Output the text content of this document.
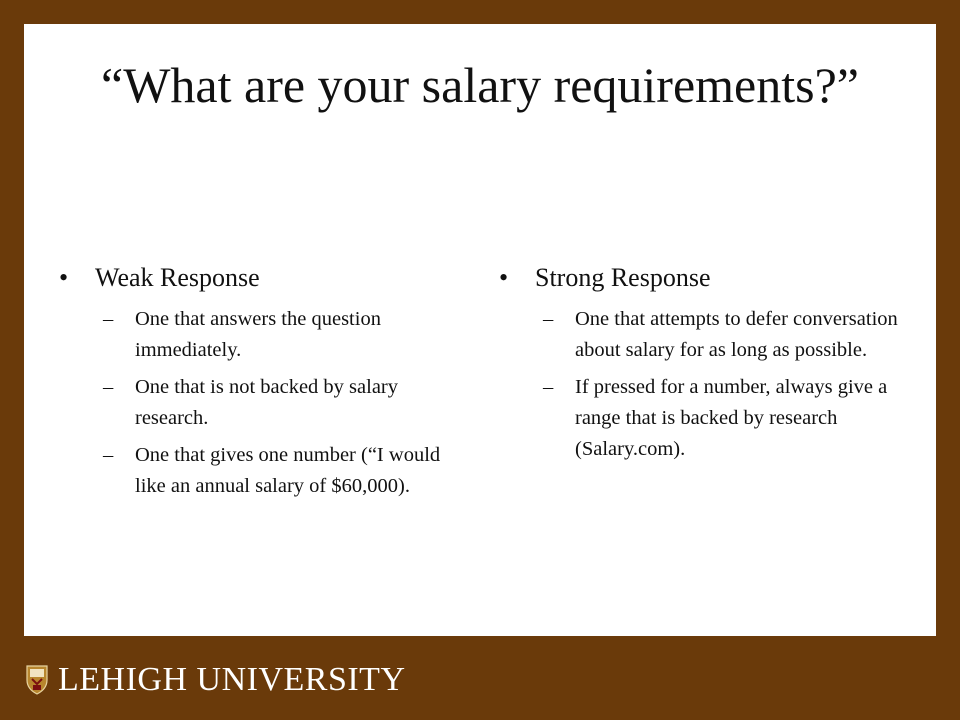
“What are your salary requirements?”
• Weak Response
– One that answers the question immediately.
– One that is not backed by salary research.
– One that gives one number (“I would like an annual salary of $60,000).
• Strong Response
– One that attempts to defer conversation about salary for as long as possible.
– If pressed for a number, always give a range that is backed by research (Salary.com).
LEHIGH UNIVERSITY
